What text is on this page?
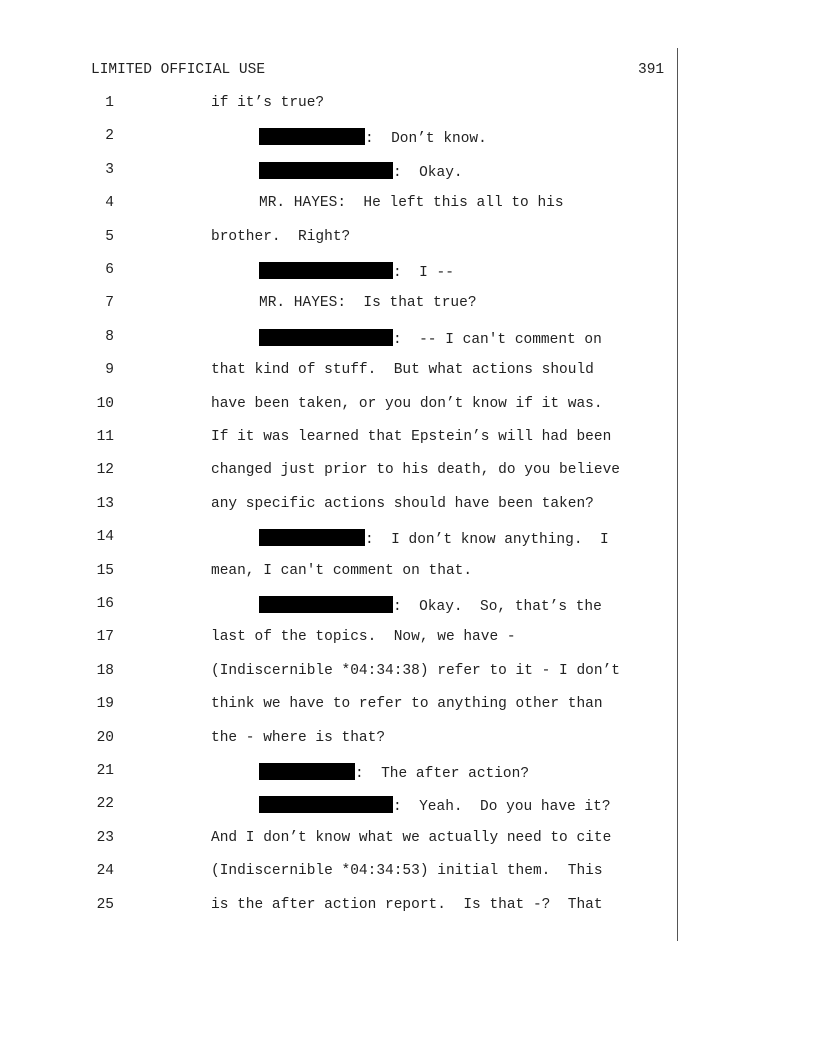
LIMITED OFFICIAL USE	391
1	if it’s true?
2	:  Don’t know.
3	:  Okay.
4	MR. HAYES:  He left this all to his
5	brother.  Right?
6	:  I --
7	MR. HAYES:  Is that true?
8	:  -- I can't comment on
9	that kind of stuff.  But what actions should
10	have been taken, or you don’t know if it was.
11	If it was learned that Epstein’s will had been
12	changed just prior to his death, do you believe
13	any specific actions should have been taken?
14	:  I don’t know anything.  I
15	mean, I can't comment on that.
16	:  Okay.  So, that’s the
17	last of the topics.  Now, we have -
18	(Indiscernible *04:34:38) refer to it - I don’t
19	think we have to refer to anything other than
20	the - where is that?
21	:  The after action?
22	:  Yeah.  Do you have it?
23	And I don’t know what we actually need to cite
24	(Indiscernible *04:34:53) initial them.  This
25	is the after action report.  Is that -?  That
